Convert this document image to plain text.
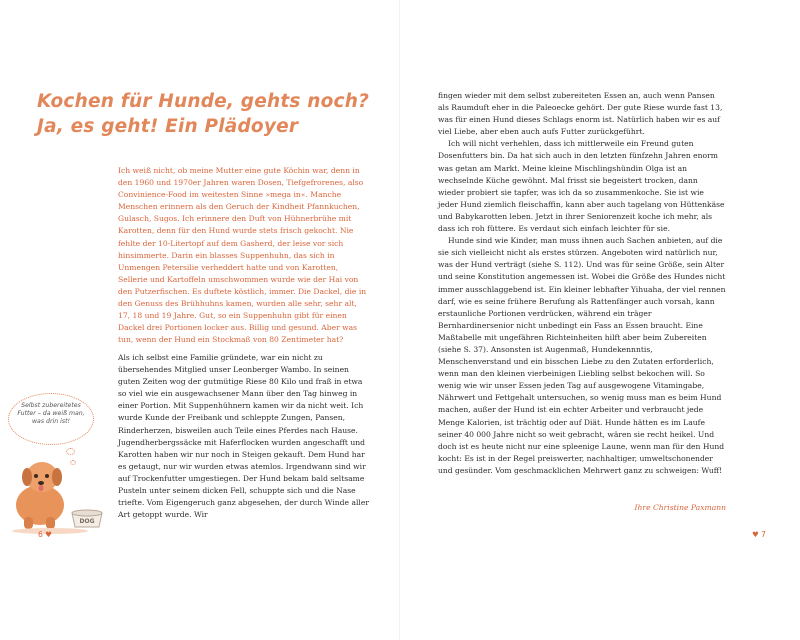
Kochen für Hunde, gehts noch?
Ja, es geht! Ein Plädoyer

Ich weiß nicht, ob meine Mutter eine gute Köchin war, denn in den 1960 und 1970er Jahren waren Dosen, Tiefgefrorenes, also Convinience-Food im weitesten Sinne »mega in«. Manche Menschen erinnern als den Geruch der Kindheit Pfannkuchen, Gulasch, Sugos. Ich erinnere den Duft von Hühnerbrühe mit Karotten, denn für den Hund wurde stets frisch gekocht. Nie fehlte der 10-Litertopf auf dem Gasherd, der leise vor sich hinsimmerte. Darin ein blasses Suppenhuhn, das sich in Unmengen Petersilie verheddert hatte und von Karotten, Sellerie und Kartoffeln umschwommen wurde wie der Hai von den Putzerfischen. Es duftete köstlich, immer. Die Dackel, die in den Genuss des Brühhuhns kamen, wurden alle sehr, sehr alt, 17, 18 und 19 Jahre. Gut, so ein Suppenhuhn gibt für einen Dackel drei Portionen locker aus. Billig und gesund. Aber was tun, wenn der Hund ein Stockmaß von 80 Zentimeter hat?

Als ich selbst eine Familie gründete, war ein nicht zu übersehendes Mitglied unser Leonberger Wambo. In seinen guten Zeiten wog der gutmütige Riese 80 Kilo und fraß in etwa so viel wie ein ausgewachsener Mann über den Tag hinweg in einer Portion. Mit Suppenhühnern kamen wir da nicht weit. Ich wurde Kunde der Freibank und schleppte Zungen, Pansen, Rinderherzen, bisweilen auch Teile eines Pferdes nach Hause. Jugendherbergssäcke mit Haferflocken wurden angeschafft und Karotten haben wir nur noch in Steigen gekauft. Dem Hund har es getaugt, nur wir wurden etwas atemlos. Irgendwann sind wir auf Trockenfutter umgestiegen. Der Hund bekam bald seltsame Pusteln unter seinem dicken Fell, schuppte sich und die Nase triefte. Vom Eigengeruch ganz abgesehen, der durch Winde aller Art getoppt wurde. Wir

Selbst zubereitetes Futter – da weiß man, was drin ist!
DOG
6 ♥

fingen wieder mit dem selbst zubereiteten Essen an, auch wenn Pansen als Raumduft eher in die Paleoecke gehört. Der gute Riese wurde fast 13, was für einen Hund dieses Schlags enorm ist. Natürlich haben wir es auf viel Liebe, aber eben auch aufs Futter zurückgeführt.

Ich will nicht verhehlen, dass ich mittlerweile ein Freund guten Dosenfutters bin. Da hat sich auch in den letzten fünfzehn Jahren enorm was getan am Markt. Meine kleine Mischlingshündin Olga ist an wechselnde Küche gewöhnt. Mal frisst sie begeistert trocken, dann wieder probiert sie tapfer, was ich da so zusammenkoche. Sie ist wie jeder Hund ziemlich fleischaffin, kann aber auch tagelang von Hüttenkäse und Babykarotten leben. Jetzt in ihrer Seniorenzeit koche ich mehr, als dass ich roh füttere. Es verdaut sich einfach leichter für sie.

Hunde sind wie Kinder, man muss ihnen auch Sachen anbieten, auf die sie sich vielleicht nicht als erstes stürzen. Angeboten wird natürlich nur, was der Hund verträgt (siehe S. 112). Und was für seine Größe, sein Alter und seine Konstitution angemessen ist. Wobei die Größe des Hundes nicht immer ausschlaggebend ist. Ein kleiner lebhafter Yihuaha, der viel rennen darf, wie es seine frühere Berufung als Rattenfänger auch vorsah, kann erstaunliche Portionen verdrücken, während ein träger Bernhardinersenior nicht unbedingt ein Fass an Essen braucht. Eine Maßtabelle mit ungefähren Richteinheiten hilft aber beim Zubereiten (siehe S. 37). Ansonsten ist Augenmaß, Hundekennntis, Menschenverstand und ein bisschen Liebe zu den Zutaten erforderlich, wenn man den kleinen vierbeinigen Liebling selbst bekochen will. So wenig wie wir unser Essen jeden Tag auf ausgewogene Vitamingabe, Nährwert und Fettgehalt untersuchen, so wenig muss man es beim Hund machen, außer der Hund ist ein echter Arbeiter und verbraucht jede Menge Kalorien, ist trächtig oder auf Diät. Hunde hätten es im Laufe seiner 40 000 Jahre nicht so weit gebracht, wären sie recht heikel. Und doch ist es heute nicht nur eine spleenige Laune, wenn man für den Hund kocht: Es ist in der Regel preiswerter, nachhaltiger, umweltschonender und gesünder. Vom geschmacklichen Mehrwert ganz zu schweigen: Wuff!

Ihre Christine Paxmann
♥ 7
